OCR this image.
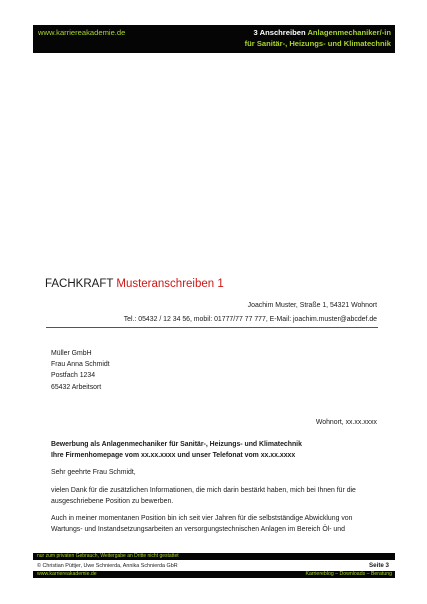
www.karriereakademie.de	3 Anschreiben Anlagenmechaniker/-in
für Sanitär-, Heizungs- und Klimatechnik
FACHKRAFT Musteranschreiben 1
Joachim Muster, Straße 1, 54321 Wohnort
Tel.: 05432 / 12 34 56, mobil: 01777/77 77 777, E-Mail: joachim.muster@abcdef.de
Müller GmbH
Frau Anna Schmidt
Postfach 1234
65432 Arbeitsort
Wohnort, xx.xx.xxxx
Bewerbung als Anlagenmechaniker für Sanitär-, Heizungs- und Klimatechnik
Ihre Firmenhomepage vom xx.xx.xxxx und unser Telefonat vom xx.xx.xxxx
Sehr geehrte Frau Schmidt,
vielen Dank für die zusätzlichen Informationen, die mich darin bestärkt haben, mich bei Ihnen für die
ausgeschriebene Position zu bewerben.
Auch in meiner momentanen Position bin ich seit vier Jahren für die selbstständige Abwicklung von
Wartungs- und Instandsetzungsarbeiten an versorgungstechnischen Anlagen im Bereich Öl- und
nur zum privaten Gebrauch, Weitergabe an Dritte nicht gestattet
© Christian Püttjer, Uwe Schnierda, Annika Schnierda GbR	Seite 3
www.karriereakademie.de	Karriereblog – Downloads – Beratung
